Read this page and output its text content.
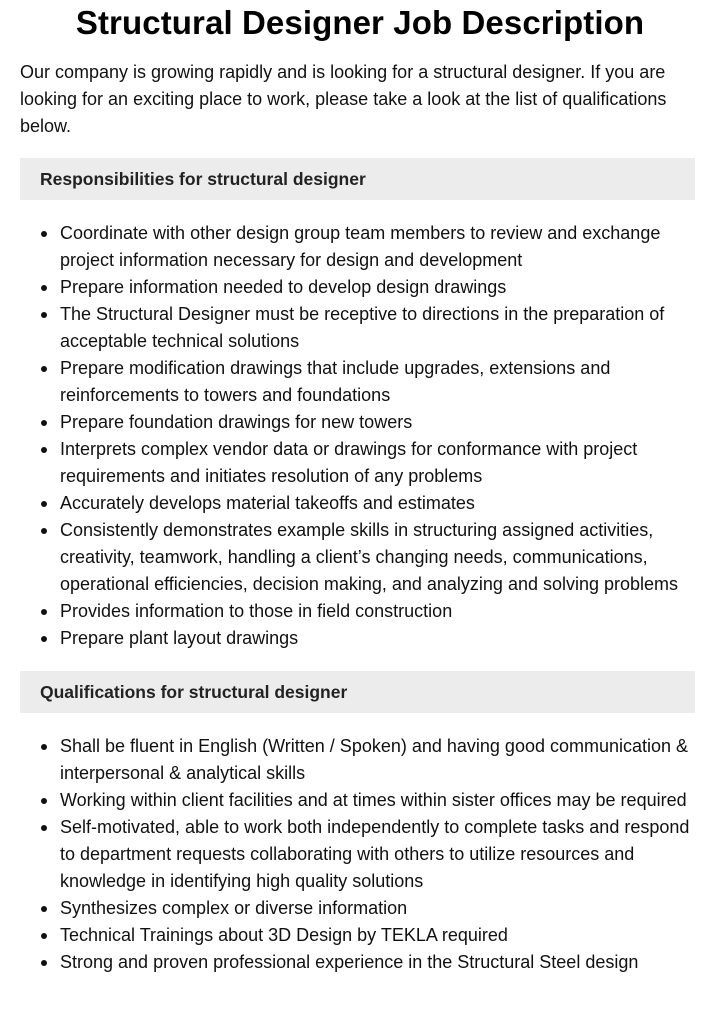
Structural Designer Job Description

Our company is growing rapidly and is looking for a structural designer. If you are looking for an exciting place to work, please take a look at the list of qualifications below.

Responsibilities for structural designer
Coordinate with other design group team members to review and exchange project information necessary for design and development
Prepare information needed to develop design drawings
The Structural Designer must be receptive to directions in the preparation of acceptable technical solutions
Prepare modification drawings that include upgrades, extensions and reinforcements to towers and foundations
Prepare foundation drawings for new towers
Interprets complex vendor data or drawings for conformance with project requirements and initiates resolution of any problems
Accurately develops material takeoffs and estimates
Consistently demonstrates example skills in structuring assigned activities, creativity, teamwork, handling a client’s changing needs, communications, operational efficiencies, decision making, and analyzing and solving problems
Provides information to those in field construction
Prepare plant layout drawings
Qualifications for structural designer
Shall be fluent in English (Written / Spoken) and having good communication & interpersonal & analytical skills
Working within client facilities and at times within sister offices may be required
Self-motivated, able to work both independently to complete tasks and respond to department requests collaborating with others to utilize resources and knowledge in identifying high quality solutions
Synthesizes complex or diverse information
Technical Trainings about 3D Design by TEKLA required
Strong and proven professional experience in the Structural Steel design
